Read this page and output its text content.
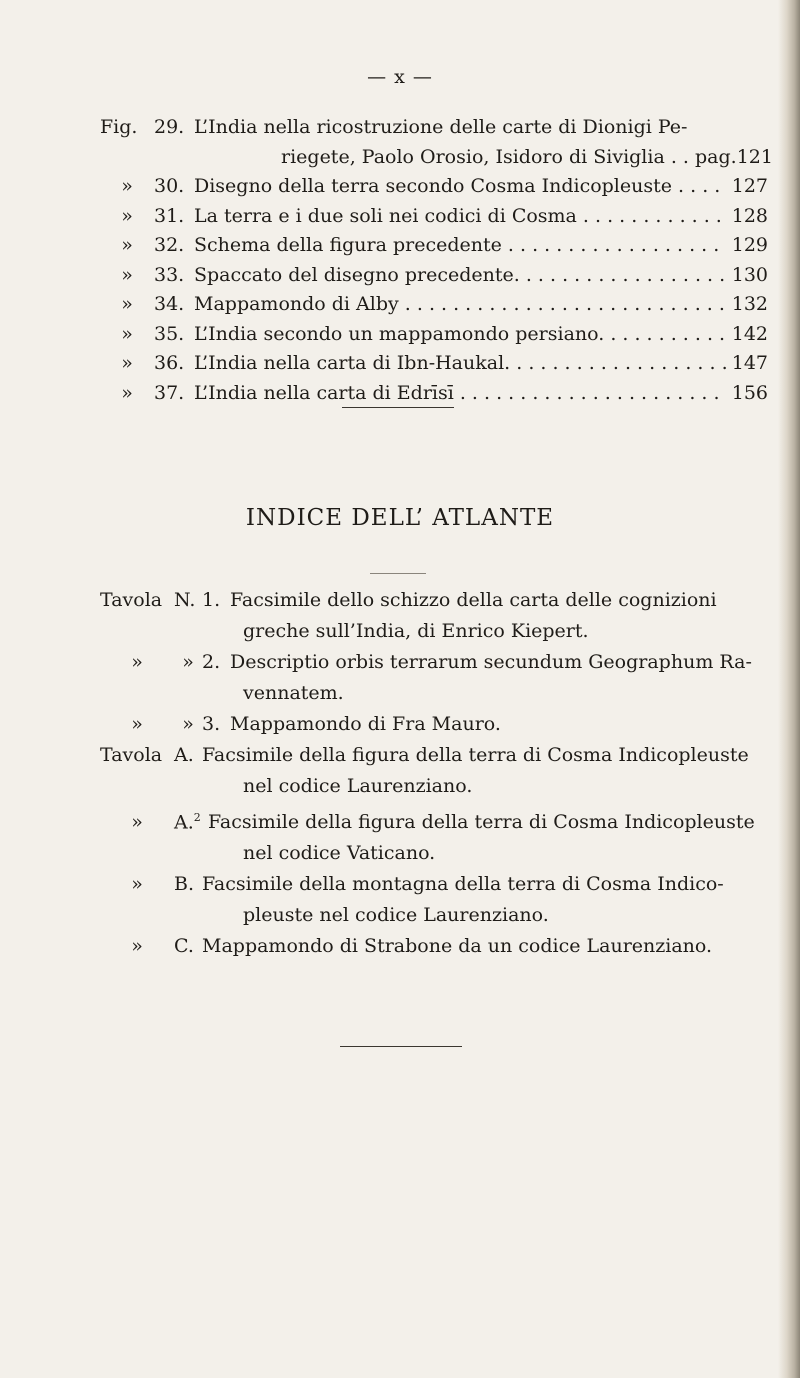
— x —
Fig. 29. L’India nella ricostruzione delle carte di Dionigi Pe-
riegete, Paolo Orosio, Isidoro di Siviglia . . pag. 121
»	30. Disegno della terra secondo Cosma Indicopleuste . . . .	127
»	31. La terra e i due soli nei codici di Cosma . . .	128
»	32. Schema della figura precedente . . .	129
»	33. Spaccato del disegno precedente. . . .	130
»	34. Mappamondo di Alby . . .	132
»	35. L’India secondo un mappamondo persiano. . . .	142
»	36. L’India nella carta di Ibn-Haukal. . . .	147
»	37. L’India nella carta di Edrīsī . . .	156
INDICE DELL’ ATLANTE
Tavola N. 1. Facsimile dello schizzo della carta delle cognizioni
greche sull’India, di Enrico Kiepert.
»	» 2. Descriptio orbis terrarum secundum Geographum Ra-
vennatem.
»	» 3. Mappamondo di Fra Mauro.
Tavola A. Facsimile della figura della terra di Cosma Indicopleuste
nel codice Laurenziano.
»	A.$^2$ Facsimile della figura della terra di Cosma Indicopleuste
nel codice Vaticano.
»	B. Facsimile della montagna della terra di Cosma Indico-
pleuste nel codice Laurenziano.
»	C. Mappamondo di Strabone da un codice Laurenziano.
